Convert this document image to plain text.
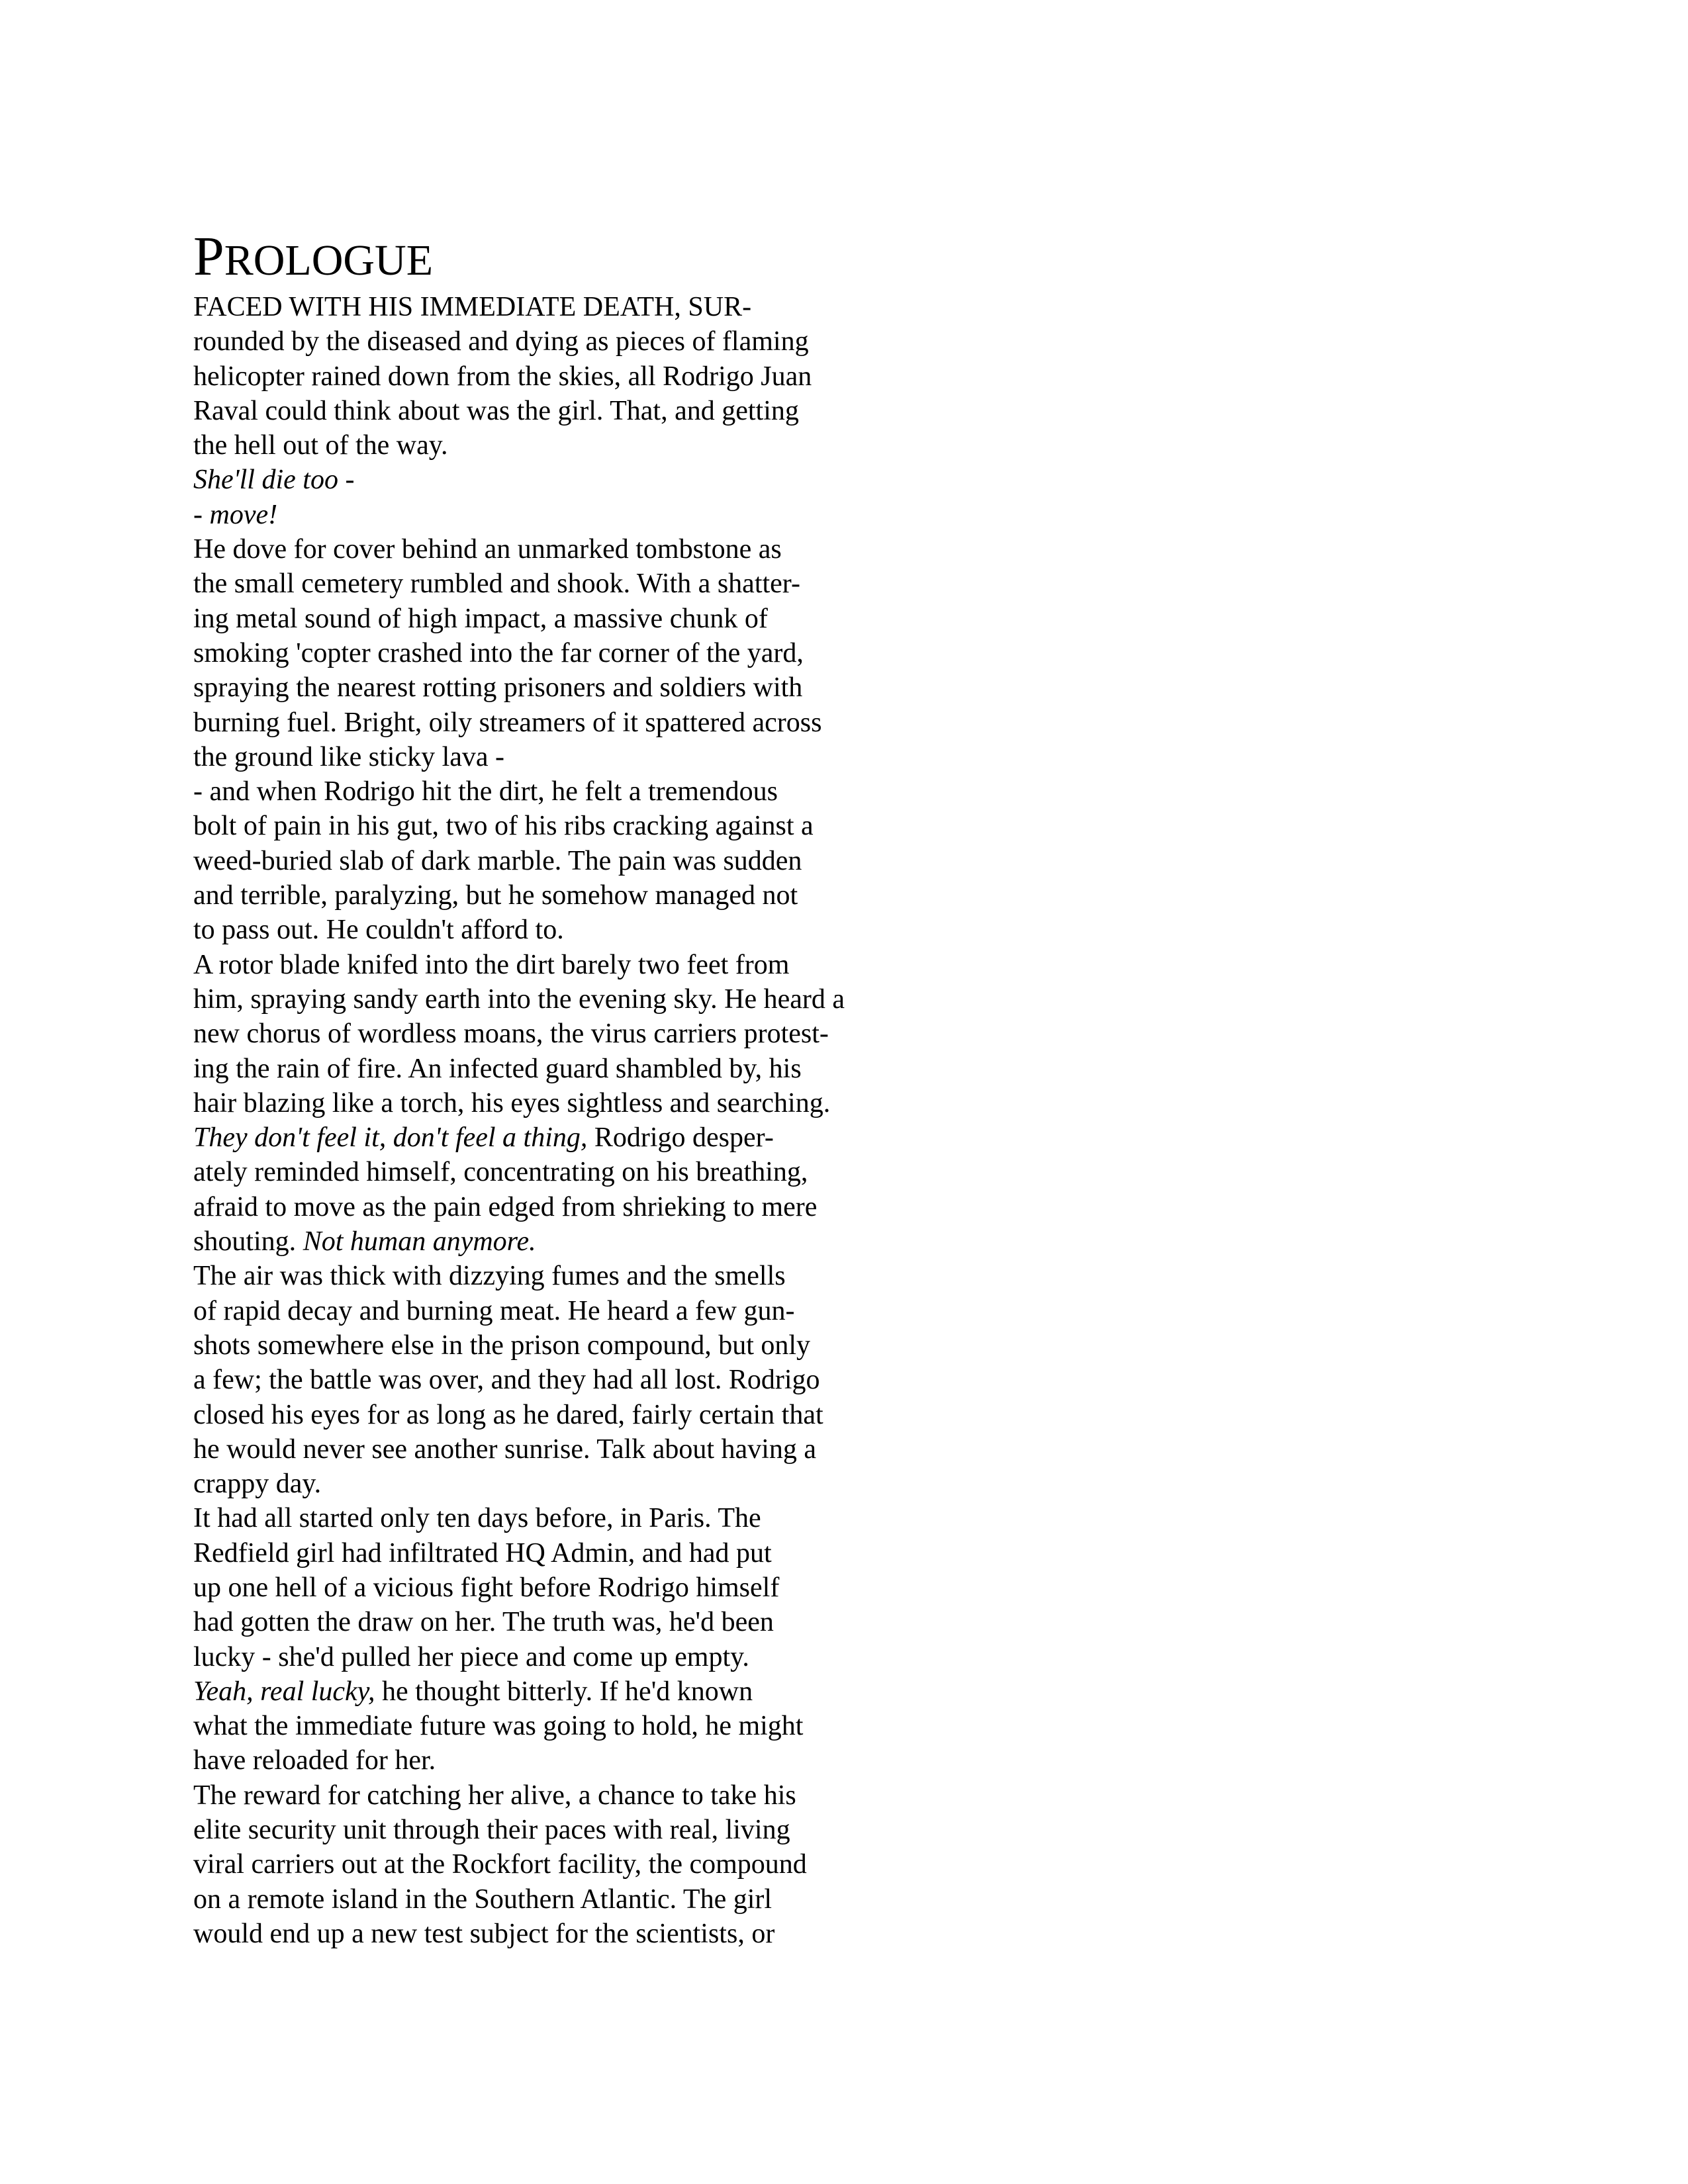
PROLOGUE
FACED WITH HIS IMMEDIATE DEATH, SUR-
rounded by the diseased and dying as pieces of flaming
helicopter rained down from the skies, all Rodrigo Juan
Raval could think about was the girl. That, and getting
the hell out of the way.
She'll die too -
- move!
He dove for cover behind an unmarked tombstone as
the small cemetery rumbled and shook. With a shatter-
ing metal sound of high impact, a massive chunk of
smoking 'copter crashed into the far corner of the yard,
spraying the nearest rotting prisoners and soldiers with
burning fuel. Bright, oily streamers of it spattered across
the ground like sticky lava -
- and when Rodrigo hit the dirt, he felt a tremendous
bolt of pain in his gut, two of his ribs cracking against a
weed-buried slab of dark marble. The pain was sudden
and terrible, paralyzing, but he somehow managed not
to pass out. He couldn't afford to.
A rotor blade knifed into the dirt barely two feet from
him, spraying sandy earth into the evening sky. He heard a
new chorus of wordless moans, the virus carriers protest-
ing the rain of fire. An infected guard shambled by, his
hair blazing like a torch, his eyes sightless and searching.
They don't feel it, don't feel a thing, Rodrigo desper-
ately reminded himself, concentrating on his breathing,
afraid to move as the pain edged from shrieking to mere
shouting. Not human anymore.
The air was thick with dizzying fumes and the smells
of rapid decay and burning meat. He heard a few gun-
shots somewhere else in the prison compound, but only
a few; the battle was over, and they had all lost. Rodrigo
closed his eyes for as long as he dared, fairly certain that
he would never see another sunrise. Talk about having a
crappy day.
It had all started only ten days before, in Paris. The
Redfield girl had infiltrated HQ Admin, and had put
up one hell of a vicious fight before Rodrigo himself
had gotten the draw on her. The truth was, he'd been
lucky - she'd pulled her piece and come up empty.
Yeah, real lucky, he thought bitterly. If he'd known
what the immediate future was going to hold, he might
have reloaded for her.
The reward for catching her alive, a chance to take his
elite security unit through their paces with real, living
viral carriers out at the Rockfort facility, the compound
on a remote island in the Southern Atlantic. The girl
would end up a new test subject for the scientists, or
